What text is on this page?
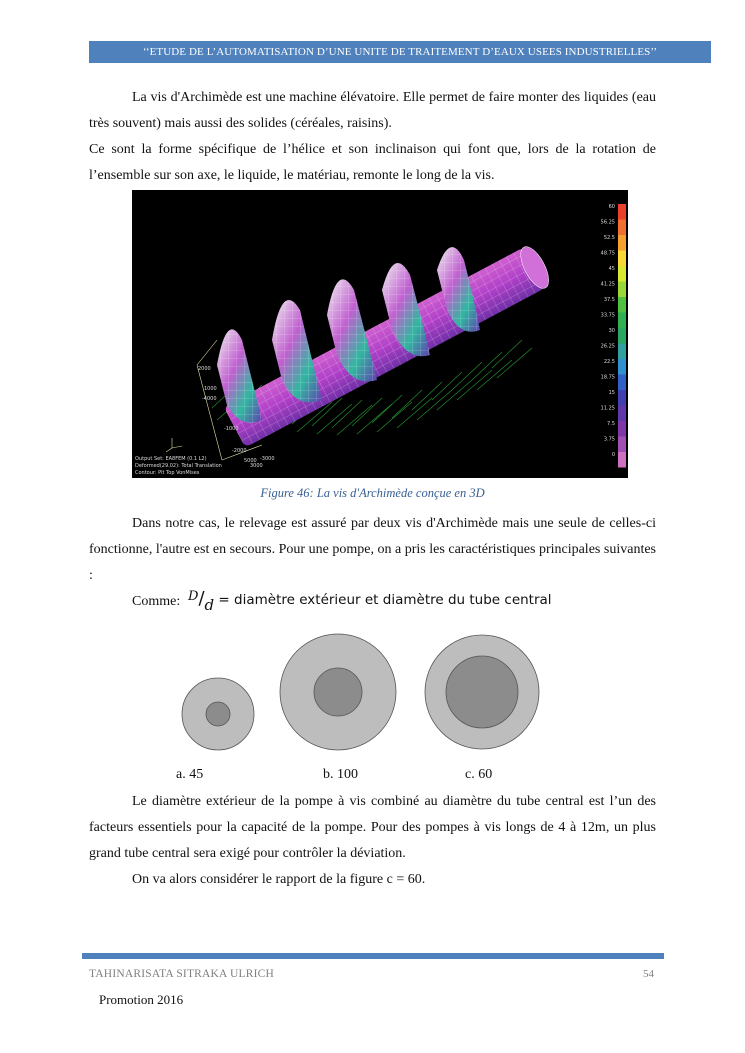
‘‘ETUDE DE L’AUTOMATISATION D’UNE UNITE DE TRAITEMENT D’EAUX USEES INDUSTRIELLES’’

La vis d'Archimède est une machine élévatoire. Elle permet de faire monter des liquides (eau très souvent) mais aussi des solides (céréales, raisins).

Ce sont la forme spécifique de l’hélice et son inclinaison qui font que, lors de la rotation de l’ensemble sur son axe, le liquide, le matériau, remonte le long de la vis.

2000
1000
-1000
-2000
-3000
-4000
5000
3000
Output Set: EA8FEM (0.1 L2)
Deformed(29.02): Total Translation
Contour: Plt Top VonMises
60
56.25
52.5
48.75
45
41.25
37.5
33.75
30
26.25
22.5
18.75
15
11.25
7.5
3.75
0
Figure 46: La vis d'Archimède conçue en 3D

Dans notre cas, le relevage est assuré par deux vis d'Archimède mais une seule de celles-ci fonctionne, l'autre est en secours. Pour une pompe, on a pris les caractéristiques principales suivantes :

Comme: D/d = diamètre extérieur et diamètre du tube central
a. 45	b. 100	c. 60

Le diamètre extérieur de la pompe à vis combiné au diamètre du tube central est l’un des facteurs essentiels pour la capacité de la pompe. Pour des pompes à vis longs de 4 à 12m, un plus grand tube central sera exigé pour contrôler la déviation.

On va alors considérer le rapport de la figure c = 60.

TAHINARISATA SITRAKA ULRICH	54
Promotion 2016
